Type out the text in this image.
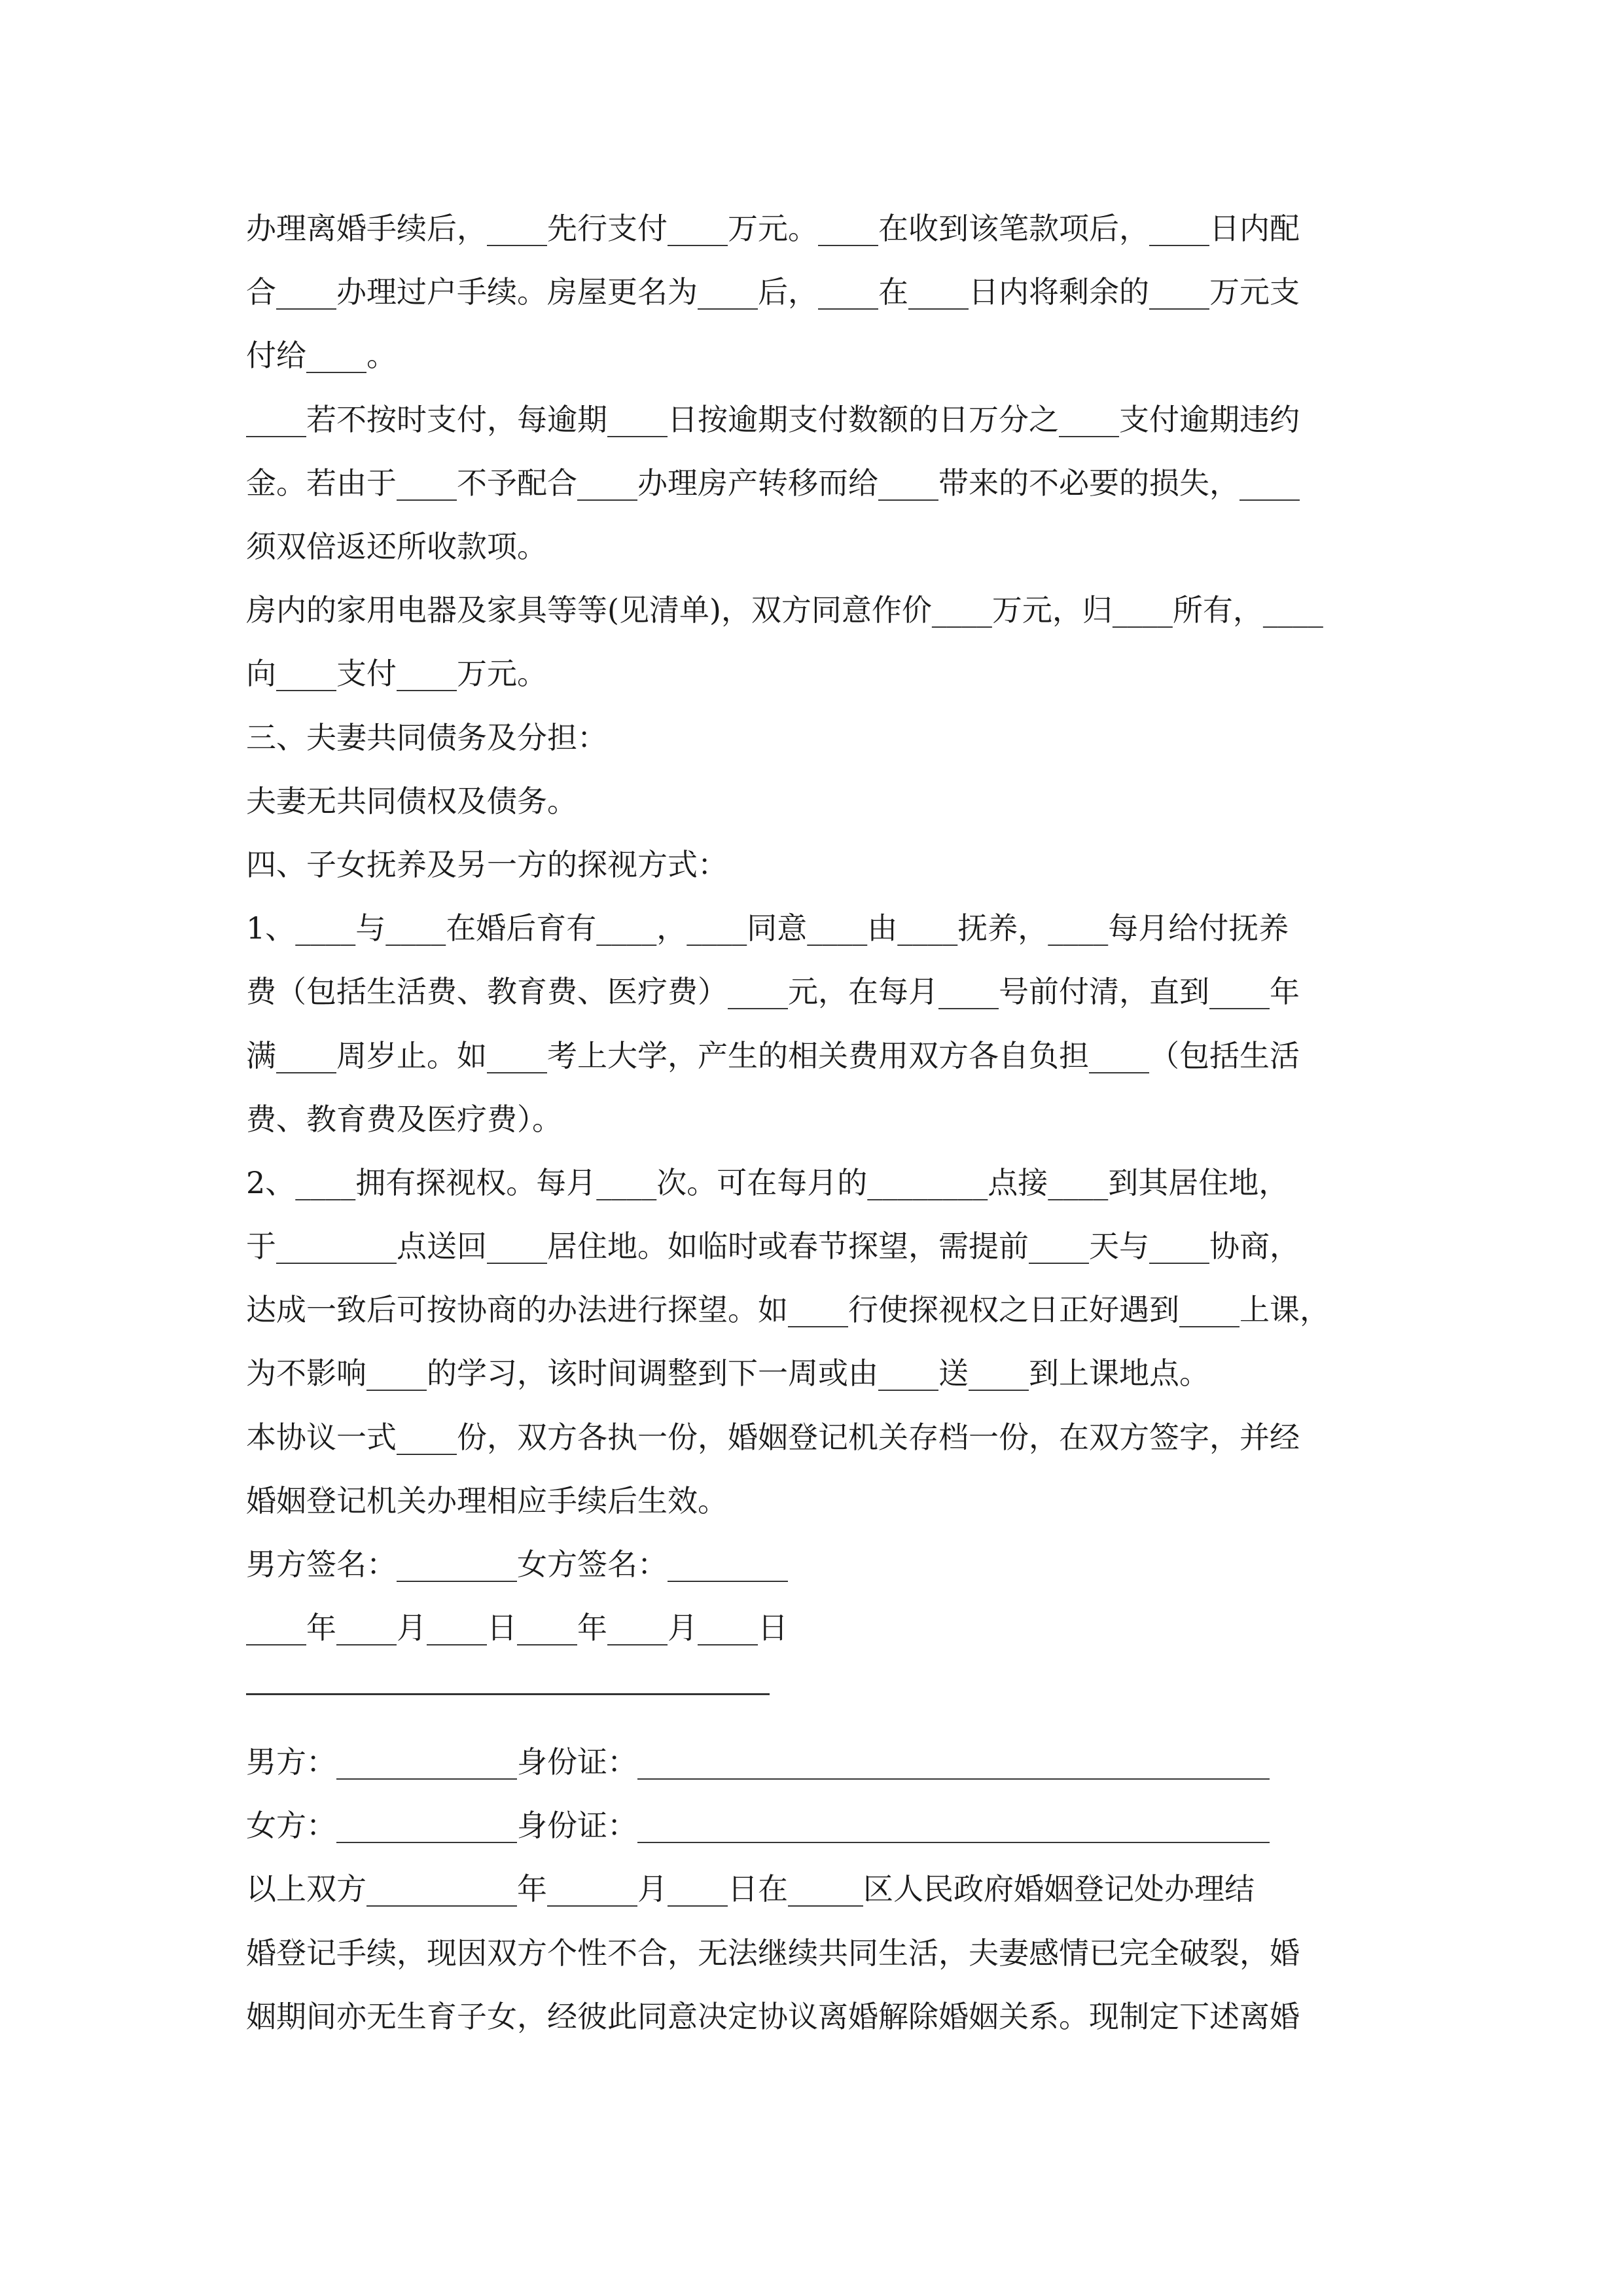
办理离婚手续后，____先行支付____万元。____在收到该笔款项后，____日内配
合____办理过户手续。房屋更名为____后，____在____日内将剩余的____万元支
付给____。
____若不按时支付，每逾期____日按逾期支付数额的日万分之____支付逾期违约
金。若由于____不予配合____办理房产转移而给____带来的不必要的损失，____
须双倍返还所收款项。
房内的家用电器及家具等等(见清单)，双方同意作价____万元，归____所有，____
向____支付____万元。
三、夫妻共同债务及分担：
夫妻无共同债权及债务。
四、子女抚养及另一方的探视方式：
1、____与____在婚后育有____，____同意____由____抚养，____每月给付抚养
费（包括生活费、教育费、医疗费）____元，在每月____号前付清，直到____年
满____周岁止。如____考上大学，产生的相关费用双方各自负担____（包括生活
费、教育费及医疗费）。
2、____拥有探视权。每月____次。可在每月的________点接____到其居住地，
于________点送回____居住地。如临时或春节探望，需提前____天与____协商，
达成一致后可按协商的办法进行探望。如____行使探视权之日正好遇到____上课，
为不影响____的学习，该时间调整到下一周或由____送____到上课地点。
本协议一式____份，双方各执一份，婚姻登记机关存档一份，在双方签字，并经
婚姻登记机关办理相应手续后生效。
男方签名：________女方签名：________
____年____月____日____年____月____日
男方：____________身份证：__________________________________________
女方：____________身份证：__________________________________________
以上双方__________年______月____日在_____区人民政府婚姻登记处办理结
婚登记手续，现因双方个性不合，无法继续共同生活，夫妻感情已完全破裂，婚
姻期间亦无生育子女，经彼此同意决定协议离婚解除婚姻关系。现制定下述离婚
